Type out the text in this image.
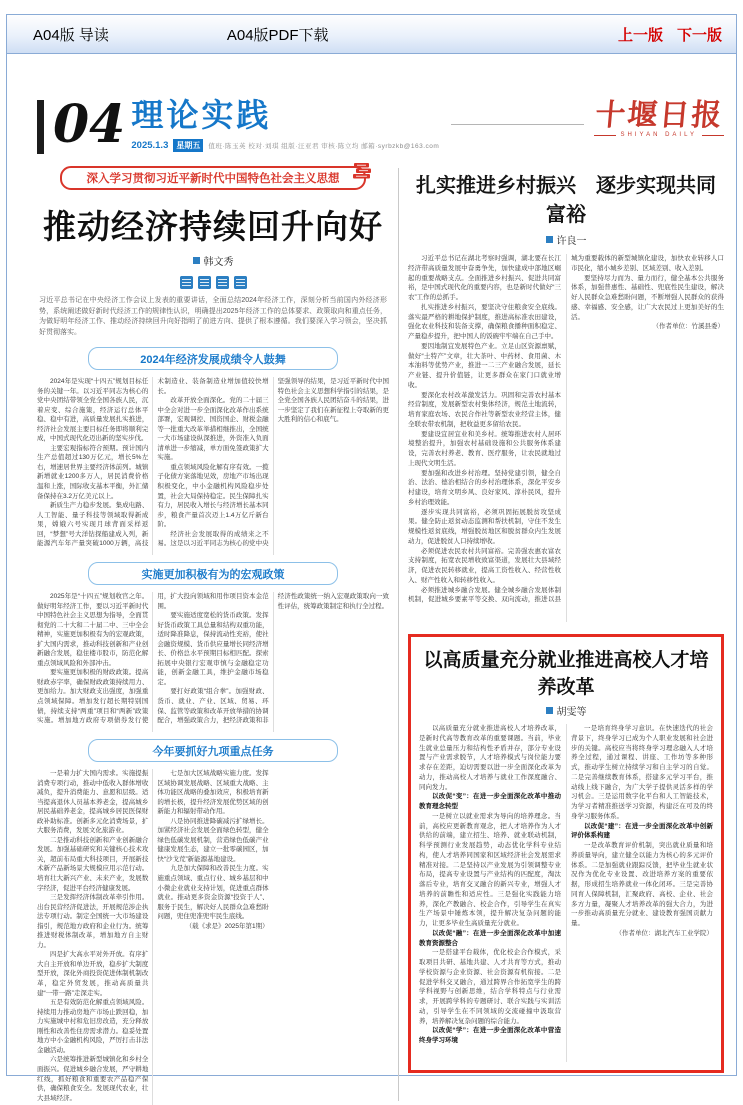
A04版 导读	A04版PDF下载	上一版 下一版
04 理论实践
2025.1.3	星期五	值班·陈玉英 校对·刘琪 组版·汪亚君 审核·陈立均 邮箱·syrbzkb@163.com
十堰日报
SHIYAN DAILY
深入学习贯彻习近平新时代中国特色社会主义思想
推动经济持续回升向好
韩文秀
习近平总书记在中央经济工作会议上发表的重要讲话，全面总结2024年经济工作，深刻分析当前国内外经济形势，系统阐述做好新时代经济工作的规律性认识，明确提出2025年经济工作的总体要求、政策取向和重点任务，为做好明年经济工作、推动经济持续回升向好指明了前进方向、提供了根本遵循。我们要深入学习领会，坚决抓好贯彻落实。
2024年经济发展成绩令人鼓舞

2024年是实现“十四五”规划目标任务的关键一年。以习近平同志为核心的党中央团结带领全党全国各族人民，沉着应变、综合施策，经济运行总体平稳、稳中有进，高质量发展扎实推进，经济社会发展主要目标任务即将顺利完成，中国式现代化迈出新的坚实步伐。

主要宏观指标符合预期。预计国内生产总值超过130万亿元，增长5%左右，增速居世界主要经济体前列。城镇新增就业1200多万人，居民消费价格温和上涨，国际收支基本平衡，外汇储备保持在3.2万亿美元以上。

新质生产力稳步发展。集成电路、人工智能、量子科技等领域取得新成果，嫦娥六号实现月球背面采样返回，“梦想”号大洋钻探船建成入列，新能源汽车年产量突破1000万辆，高技术制造业、装备制造业增加值较快增长。

改革开放全面深化。党的二十届三中全会对进一步全面深化改革作出系统部署，宏观调控、国资国企、财税金融等一批重大改革举措相继推出，全国统一大市场建设纵深推进，外资准入负面清单进一步缩减，单方面免签政策扩大实施。

重点领域风险化解有序有效。一揽子化债方案落地见效，房地产市场出现积极变化，中小金融机构风险稳步处置，社会大局保持稳定。民生保障扎实有力，居民收入增长与经济增长基本同步，粮食产量首次迈上1.4万亿斤新台阶。

经济社会发展取得的成绩来之不易。这是以习近平同志为核心的党中央坚强领导的结果，是习近平新时代中国特色社会主义思想科学指引的结果，是全党全国各族人民团结奋斗的结果，进一步坚定了我们在新征程上夺取新的更大胜利的信心和底气。

实施更加积极有为的宏观政策

2025年是“十四五”规划收官之年。做好明年经济工作，要以习近平新时代中国特色社会主义思想为指导，全面贯彻党的二十大和二十届二中、三中全会精神，实施更加积极有为的宏观政策，扩大国内需求，推动科技创新和产业创新融合发展，稳住楼市股市，防范化解重点领域风险和外部冲击。

要实施更加积极的财政政策。提高财政赤字率，确保财政政策持续用力、更加给力。加大财政支出强度，加强重点领域保障。增加发行超长期特别国债，持续支持“两重”项目和“两新”政策实施。增加地方政府专项债券发行使用，扩大投向领域和用作项目资本金范围。

要实施适度宽松的货币政策。发挥好货币政策工具总量和结构双重功能，适时降准降息，保持流动性充裕，使社会融资规模、货币供应量增长同经济增长、价格总水平预期目标相匹配。探索拓展中央银行宏观审慎与金融稳定功能，创新金融工具，维护金融市场稳定。

要打好政策“组合拳”。加强财政、货币、就业、产业、区域、贸易、环保、监管等政策和改革开放举措的协调配合，增强政策合力，把经济政策和非经济性政策统一纳入宏观政策取向一致性评估，统筹政策制定和执行全过程。

今年要抓好九项重点任务

一是着力扩大国内需求。实施提振消费专项行动，推动中低收入群体增收减负，提升消费能力、意愿和层级。适当提高退休人员基本养老金，提高城乡居民基础养老金，提高城乡居民医保财政补助标准。创新多元化消费场景，扩大服务消费，发展文化旅游业。

二是推动科技创新和产业创新融合发展。加强基础研究和关键核心技术攻关，超前布局重大科技项目，开展新技术新产品新场景大规模应用示范行动。培育壮大新兴产业、未来产业，发展数字经济，促进平台经济健康发展。

三是发挥经济体制改革牵引作用。出台民营经济促进法，开展规范涉企执法专项行动。制定全国统一大市场建设指引，规范地方政府和企业行为。统筹推进财税体制改革，增加地方自主财力。

四是扩大高水平对外开放。有序扩大自主开放和单边开放，稳步扩大制度型开放，深化外商投资促进体制机制改革，稳定外贸发展，推动高质量共建“一带一路”走深走实。

五是有效防范化解重点领域风险。持续用力推动房地产市场止跌回稳，加力实施城中村和危旧房改造，充分释放刚性和改善性住房需求潜力。稳妥处置地方中小金融机构风险，严厉打击非法金融活动。

六是统筹推进新型城镇化和乡村全面振兴。促进城乡融合发展，严守耕地红线，抓好粮食和重要农产品稳产保供，确保粮食安全。发展现代农业，壮大县域经济。

七是加大区域战略实施力度。发挥区域协调发展战略、区域重大战略、主体功能区战略的叠加效应，积极培育新的增长极，提升经济发展优势区域的创新能力和辐射带动作用。

八是协同推进降碳减污扩绿增长。加紧经济社会发展全面绿色转型，健全绿色低碳发展机制，营造绿色低碳产业健康发展生态，建立一批零碳园区，加快“沙戈荒”新能源基地建设。

九是加大保障和改善民生力度。实施重点领域、重点行业、城乡基层和中小微企业就业支持计划，促进重点群体就业。推动更多资金资源“投资于人”、服务于民生，解决好人民群众急难愁盼问题，兜住兜准兜牢民生底线。

（载《求是》2025年第1期）

扎实推进乡村振兴　逐步实现共同富裕
许良一

习近平总书记在湖北考察时强调，湖北要在长江经济带高质量发展中奋勇争先，加快建成中部地区崛起的重要战略支点。全面推进乡村振兴、促进共同富裕，是中国式现代化的重要内容，也是新时代做好“三农”工作的总抓手。

扎实推进乡村振兴，要坚决守住粮食安全底线。落实最严格的耕地保护制度，推进高标准农田建设，强化农业科技和装备支撑，确保粮食播种面积稳定、产量稳步提升，把中国人的饭碗牢牢端在自己手中。

要因地制宜发展特色产业。立足山区资源禀赋，做好“土特产”文章，壮大茶叶、中药材、食用菌、木本油料等优势产业，推进一二三产业融合发展，延长产业链、提升价值链，让更多群众在家门口就业增收。

要深化农村改革激发活力。巩固和完善农村基本经营制度，发展新型农村集体经济，规范土地流转，培育家庭农场、农民合作社等新型农业经营主体，健全联农带农机制，把收益更多留给农民。

要建设宜居宜业和美乡村。统筹推进农村人居环境整治提升，加强农村基础设施和公共服务体系建设，完善农村养老、教育、医疗服务，让农民就地过上现代文明生活。

要加强和改进乡村治理。坚持党建引领，健全自治、法治、德治相结合的乡村治理体系，深化平安乡村建设，培育文明乡风、良好家风、淳朴民风，提升乡村治理效能。

逐步实现共同富裕，必须巩固拓展脱贫攻坚成果。健全防止返贫动态监测和帮扶机制，守住不发生规模性返贫底线，增强脱贫地区和脱贫群众内生发展动力，促进脱贫人口持续增收。

必须促进农民农村共同富裕。完善强农惠农富农支持制度，拓宽农民增收致富渠道，发展壮大县域经济，促进农民转移就业，提高工资性收入、经营性收入、财产性收入和转移性收入。

必须推进城乡融合发展。健全城乡融合发展体制机制，促进城乡要素平等交换、双向流动，推进以县城为重要载体的新型城镇化建设，加快农业转移人口市民化，缩小城乡差别、区域差别、收入差别。

要坚持尽力而为、量力而行，健全基本公共服务体系，加强普惠性、基础性、兜底性民生建设，解决好人民群众急难愁盼问题，不断增强人民群众的获得感、幸福感、安全感，让广大农民过上更加美好的生活。

（作者单位：竹溪县委）

以高质量充分就业推进高校人才培养改革
胡雯等

以高质量充分就业推进高校人才培养改革，是新时代高等教育改革的重要课题。当前，毕业生就业总量压力和结构性矛盾并存，部分专业设置与产业需求脱节，人才培养模式与岗位能力要求存在差距，迫切需要以进一步全面深化改革为动力，推动高校人才培养与就业工作深度融合、同向发力。

以改促“变”：在进一步全面深化改革中推动教育理念转型

一是树立以就业需求为导向的培养理念。当前，高校应更新教育观念，把人才培养作为人才供给的前端，建立招生、培养、就业联动机制，科学预测行业发展趋势，动态优化学科专业结构，使人才培养同国家和区域经济社会发展需求精准对接。二是坚持以产业发展为引领调整专业布局，提高专业设置与产业结构的匹配度，淘汰落后专业，培育交叉融合的新兴专业，增强人才培养的前瞻性和适应性。三是强化实践能力培养，深化产教融合、校企合作，引导学生在真实生产场景中锤炼本领，提升解决复杂问题的能力，让更多毕业生高质量充分就业。

以改促“融”：在进一步全面深化改革中加速教育资源整合

一是搭建平台载体，优化校企合作模式，采取项目共研、基地共建、人才共育等方式，推动学校资源与企业资源、社会资源有机衔接。二是促进学科交叉融合，通过跨界合作拓宽学生的跨学科视野与创新思维，结合学科特点与行业需求，开展跨学科的专题研讨、联合实践与实训活动，引导学生在不同领域的交流碰撞中汲取营养，培养解决复杂问题的综合能力。

以改促“学”：在进一步全面深化改革中营造终身学习环境

一是培育终身学习意识。在快速迭代的社会背景下，终身学习已成为个人职业发展和社会进步的关键。高校应当将终身学习理念融入人才培养全过程，通过课程、讲座、工作坊等多种形式，推动学生树立持续学习和自主学习的自觉。二是完善继续教育体系，搭建多元学习平台，推动线上线下融合，为广大学子提供灵活多样的学习机会。三是运用数字化平台和人工智能技术，为学习者精准推送学习资源，构建泛在可及的终身学习服务体系。

以改促“建”：在进一步全面深化改革中创新评价体系构建

一是改革教育评价机制，突出就业质量和培养质量导向，建立健全以能力为核心的多元评价体系。二是加强就业跟踪反馈，把毕业生就业状况作为优化专业设置、改进培养方案的重要依据，形成招生培养就业一体化闭环。三是完善协同育人保障机制，汇聚政府、高校、企业、社会多方力量，凝聚人才培养改革的强大合力，为进一步推动高质量充分就业、建设教育强国贡献力量。

（作者单位：湖北汽车工业学院）
